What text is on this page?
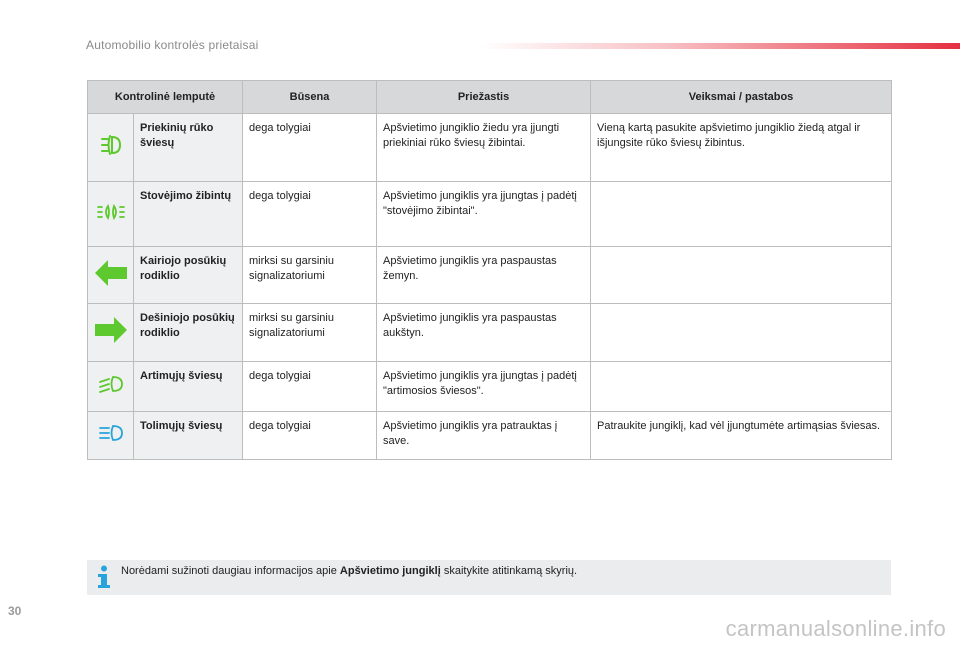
Automobilio kontrolės prietaisai
Kontrolinė lemputė		Būsena	Priežastis	Veiksmai / pastabos
	Priekinių rūko šviesų	dega tolygiai	Apšvietimo jungiklio žiedu yra įjungti priekiniai rūko šviesų žibintai.	Vieną kartą pasukite apšvietimo jungiklio žiedą atgal ir išjungsite rūko šviesų žibintus.
	Stovėjimo žibintų	dega tolygiai	Apšvietimo jungiklis yra įjungtas į padėtį "stovėjimo žibintai".	
	Kairiojo posūkių rodiklio	mirksi su garsiniu signalizatoriumi	Apšvietimo jungiklis yra paspaustas žemyn.	
	Dešiniojo posūkių rodiklio	mirksi su garsiniu signalizatoriumi	Apšvietimo jungiklis yra paspaustas aukštyn.	
	Artimųjų šviesų	dega tolygiai	Apšvietimo jungiklis yra įjungtas į padėtį "artimosios šviesos".	
	Tolimųjų šviesų	dega tolygiai	Apšvietimo jungiklis yra patrauktas į save.	Patraukite jungiklį, kad vėl įjungtumėte artimąsias šviesas.
Norėdami sužinoti daugiau informacijos apie Apšvietimo jungiklį skaitykite atitinkamą skyrių.
30
carmanualsonline.info
